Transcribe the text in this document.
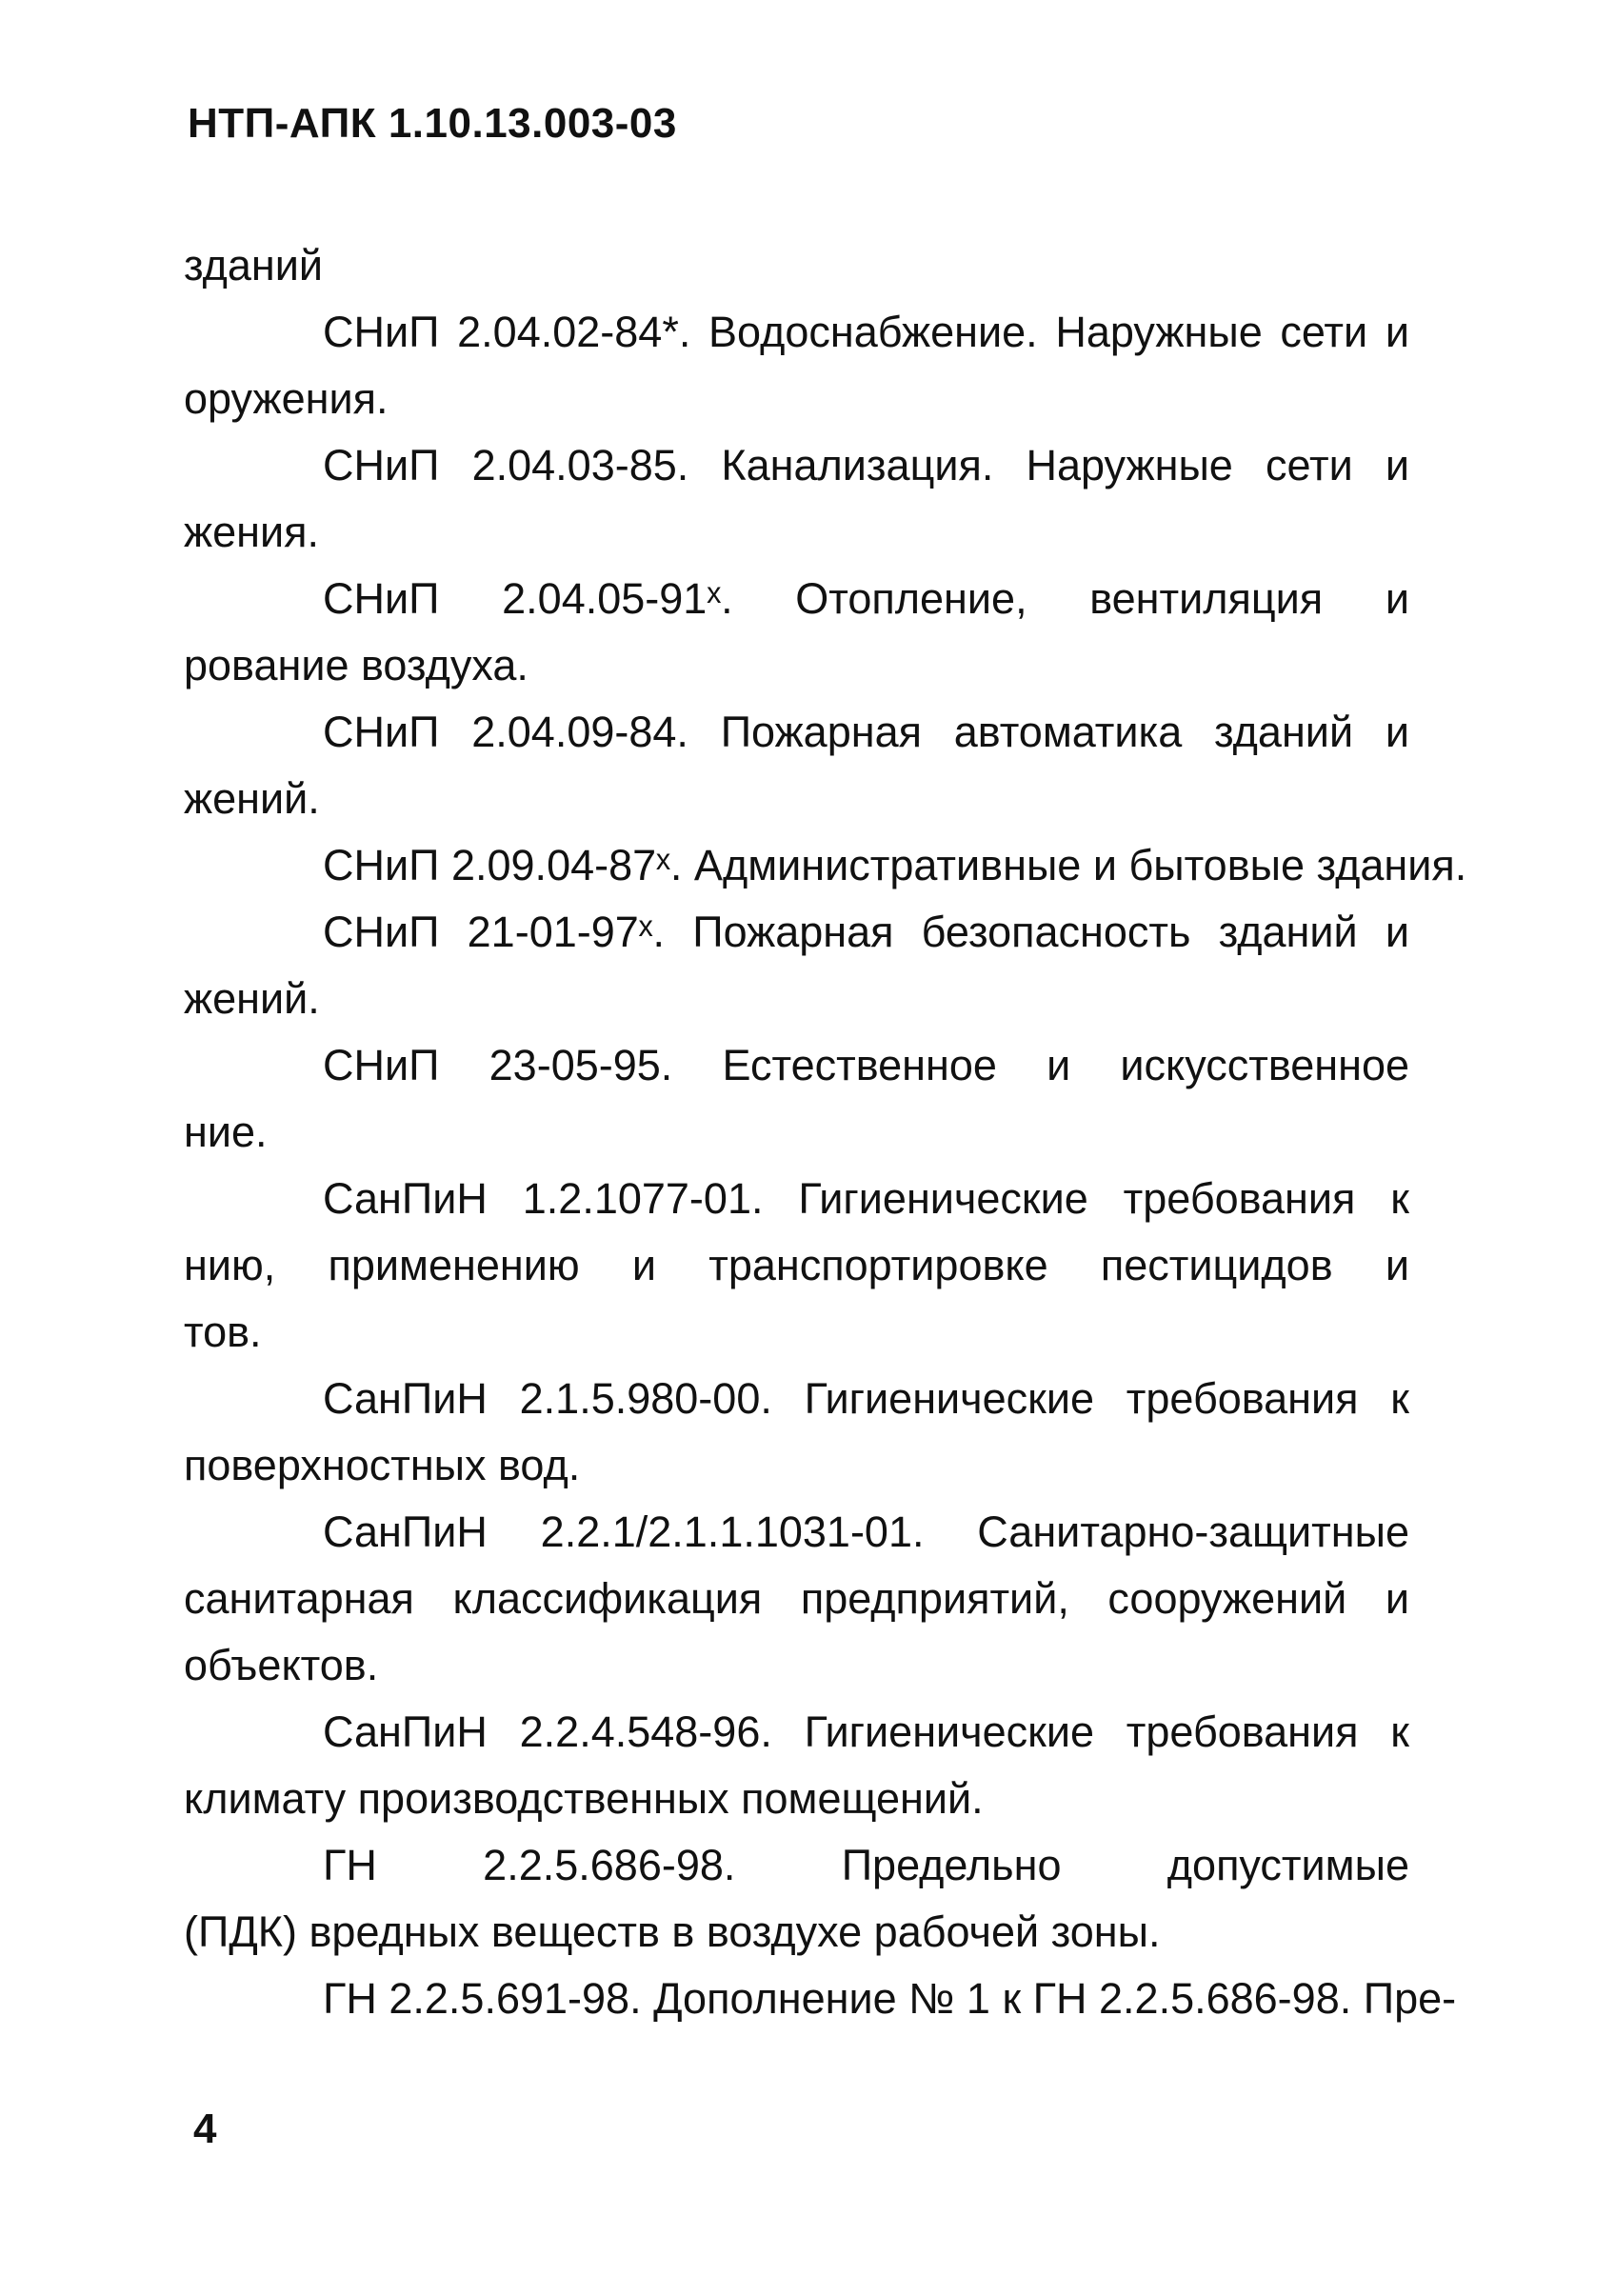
НТП-АПК 1.10.13.003-03
зданий
СНиП 2.04.02-84*. Водоснабжение. Наружные сети и
оружения.
СНиП 2.04.03-85. Канализация. Наружные сети и
жения.
СНиП 2.04.05-91ˣ. Отопление, вентиляция и
рование воздуха.
СНиП 2.04.09-84. Пожарная автоматика зданий и
жений.
СНиП 2.09.04-87ˣ. Административные и бытовые здания.
СНиП 21-01-97ˣ. Пожарная безопасность зданий и
жений.
СНиП 23-05-95. Естественное и искусственное
ние.
СанПиН 1.2.1077-01. Гигиенические требования к
нию, применению и транспортировке пестицидов и
тов.
СанПиН 2.1.5.980-00. Гигиенические требования к
поверхностных вод.
СанПиН 2.2.1/2.1.1.1031-01. Санитарно-защитные
санитарная классификация предприятий, сооружений и
объектов.
СанПиН 2.2.4.548-96. Гигиенические требования к
климату производственных помещений.
ГН 2.2.5.686-98. Предельно допустимые
(ПДК) вредных веществ в воздухе рабочей зоны.
ГН 2.2.5.691-98. Дополнение № 1 к ГН 2.2.5.686-98. Пре-
4
